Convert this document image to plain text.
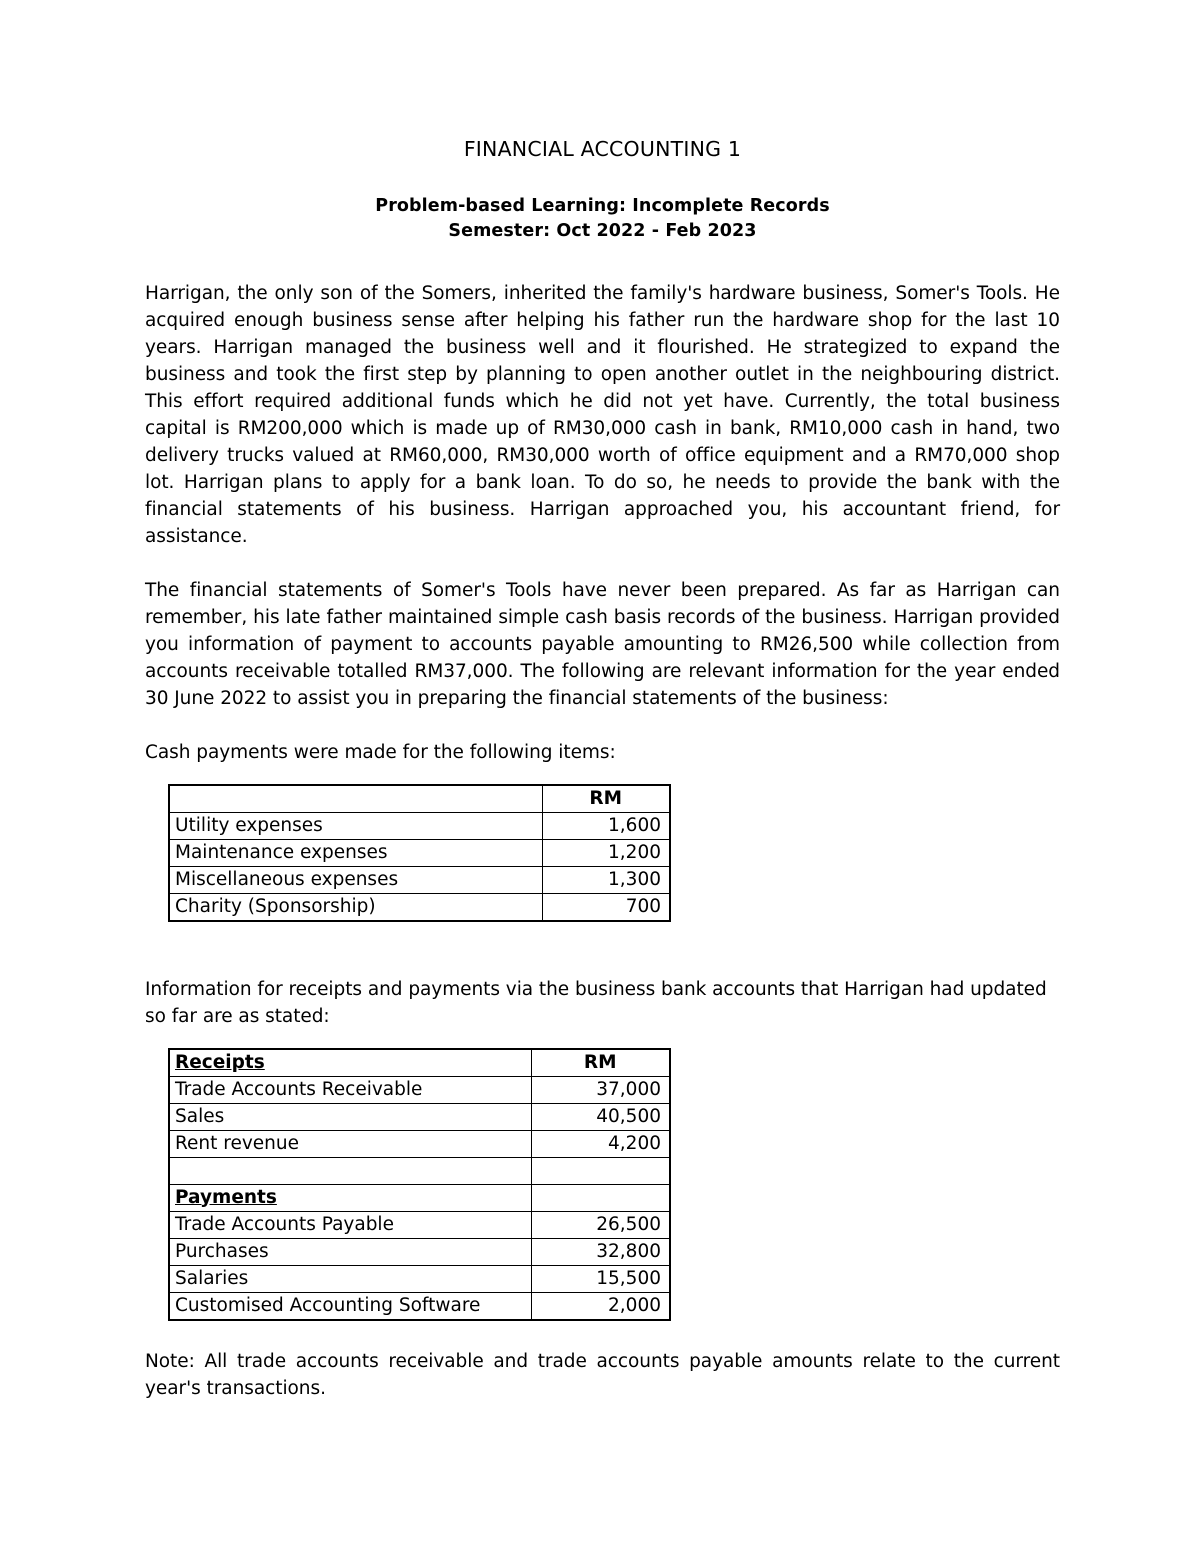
FINANCIAL ACCOUNTING 1
Problem-based Learning: Incomplete Records
Semester: Oct 2022 - Feb 2023

Harrigan, the only son of the Somers, inherited the family's hardware business, Somer's Tools. He acquired enough business sense after helping his father run the hardware shop for the last 10 years. Harrigan managed the business well and it flourished. He strategized to expand the business and took the first step by planning to open another outlet in the neighbouring district. This effort required additional funds which he did not yet have. Currently, the total business capital is RM200,000 which is made up of RM30,000 cash in bank, RM10,000 cash in hand, two delivery trucks valued at RM60,000, RM30,000 worth of office equipment and a RM70,000 shop lot. Harrigan plans to apply for a bank loan. To do so, he needs to provide the bank with the financial statements of his business. Harrigan approached you, his accountant friend, for assistance.

The financial statements of Somer's Tools have never been prepared. As far as Harrigan can remember, his late father maintained simple cash basis records of the business. Harrigan provided you information of payment to accounts payable amounting to RM26,500 while collection from accounts receivable totalled RM37,000. The following are relevant information for the year ended 30 June 2022 to assist you in preparing the financial statements of the business:

Cash payments were made for the following items:

	RM
Utility expenses	1,600
Maintenance expenses	1,200
Miscellaneous expenses	1,300
Charity (Sponsorship)	700

Information for receipts and payments via the business bank accounts that Harrigan had updated so far are as stated:

Receipts	RM
Trade Accounts Receivable	37,000
Sales	40,500
Rent revenue	4,200

Payments	
Trade Accounts Payable	26,500
Purchases	32,800
Salaries	15,500
Customised Accounting Software	2,000

Note: All trade accounts receivable and trade accounts payable amounts relate to the current year's transactions.
